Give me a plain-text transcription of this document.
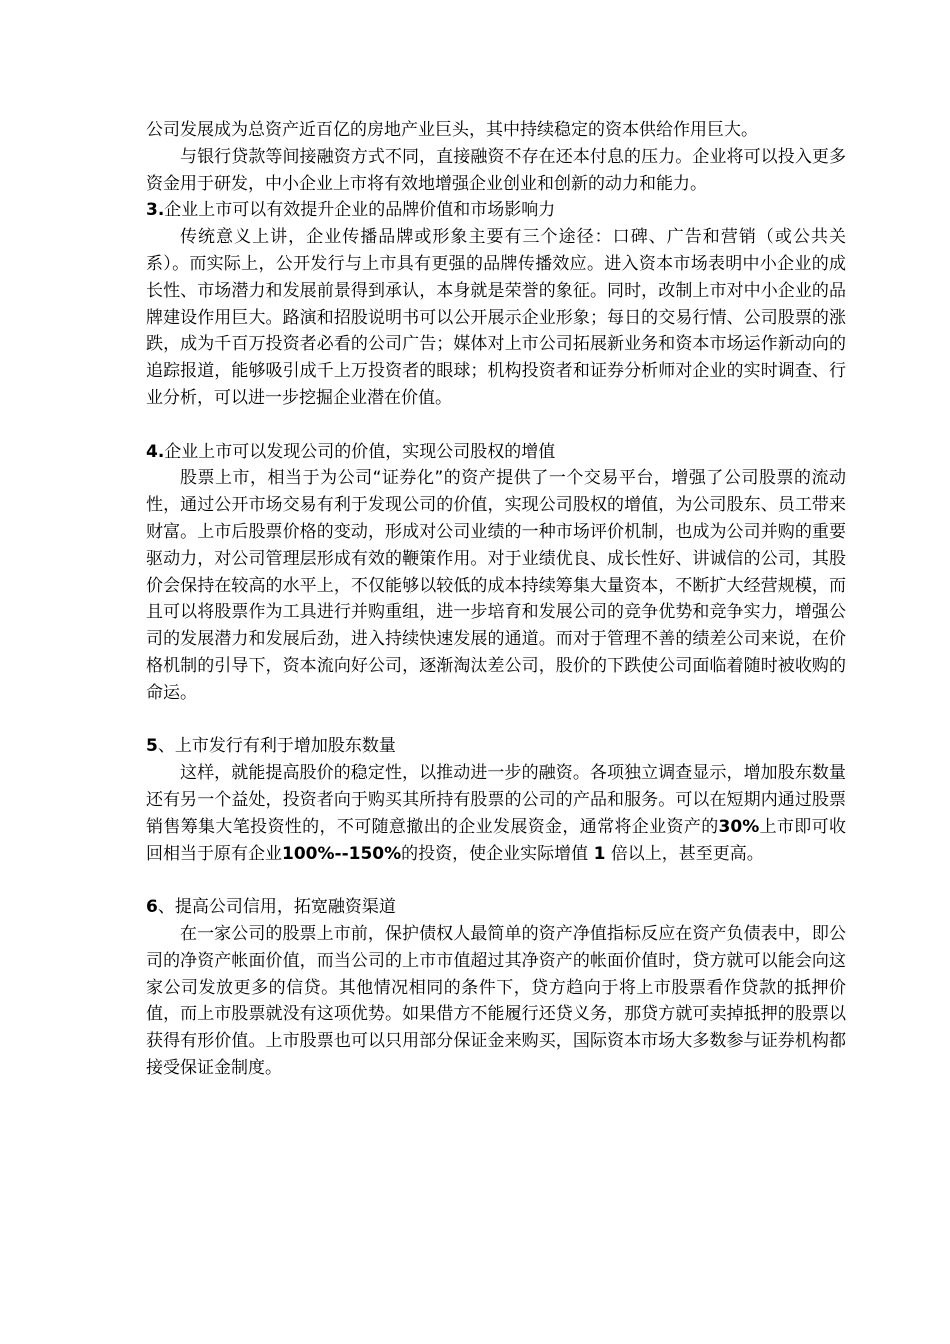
公司发展成为总资产近百亿的房地产业巨头，其中持续稳定的资本供给作用巨大。

与银行贷款等间接融资方式不同，直接融资不存在还本付息的压力。企业将可以投入更多资金用于研发，中小企业上市将有效地增强企业创业和创新的动力和能力。

3.企业上市可以有效提升企业的品牌价值和市场影响力

传统意义上讲，企业传播品牌或形象主要有三个途径：口碑、广告和营销（或公共关系）。而实际上，公开发行与上市具有更强的品牌传播效应。进入资本市场表明中小企业的成长性、市场潜力和发展前景得到承认，本身就是荣誉的象征。同时，改制上市对中小企业的品牌建设作用巨大。路演和招股说明书可以公开展示企业形象；每日的交易行情、公司股票的涨跌，成为千百万投资者必看的公司广告；媒体对上市公司拓展新业务和资本市场运作新动向的追踪报道，能够吸引成千上万投资者的眼球；机构投资者和证券分析师对企业的实时调查、行业分析，可以进一步挖掘企业潜在价值。

4.企业上市可以发现公司的价值，实现公司股权的增值

股票上市，相当于为公司“证券化”的资产提供了一个交易平台，增强了公司股票的流动性，通过公开市场交易有利于发现公司的价值，实现公司股权的增值，为公司股东、员工带来财富。上市后股票价格的变动，形成对公司业绩的一种市场评价机制，也成为公司并购的重要驱动力，对公司管理层形成有效的鞭策作用。对于业绩优良、成长性好、讲诚信的公司，其股价会保持在较高的水平上，不仅能够以较低的成本持续筹集大量资本，不断扩大经营规模，而且可以将股票作为工具进行并购重组，进一步培育和发展公司的竞争优势和竞争实力，增强公司的发展潜力和发展后劲，进入持续快速发展的通道。而对于管理不善的绩差公司来说，在价格机制的引导下，资本流向好公司，逐渐淘汰差公司，股价的下跌使公司面临着随时被收购的命运。

5、上市发行有利于增加股东数量

这样，就能提高股价的稳定性，以推动进一步的融资。各项独立调查显示，增加股东数量还有另一个益处，投资者向于购买其所持有股票的公司的产品和服务。可以在短期内通过股票销售筹集大笔投资性的，不可随意撤出的企业发展资金，通常将企业资产的30%上市即可收回相当于原有企业100%--150%的投资，使企业实际增值 1 倍以上，甚至更高。

6、提高公司信用，拓宽融资渠道

在一家公司的股票上市前，保护债权人最简单的资产净值指标反应在资产负债表中，即公司的净资产帐面价值，而当公司的上市市值超过其净资产的帐面价值时，贷方就可以能会向这家公司发放更多的信贷。其他情况相同的条件下，贷方趋向于将上市股票看作贷款的抵押价值，而上市股票就没有这项优势。如果借方不能履行还贷义务，那贷方就可卖掉抵押的股票以获得有形价值。上市股票也可以只用部分保证金来购买，国际资本市场大多数参与证券机构都接受保证金制度。
